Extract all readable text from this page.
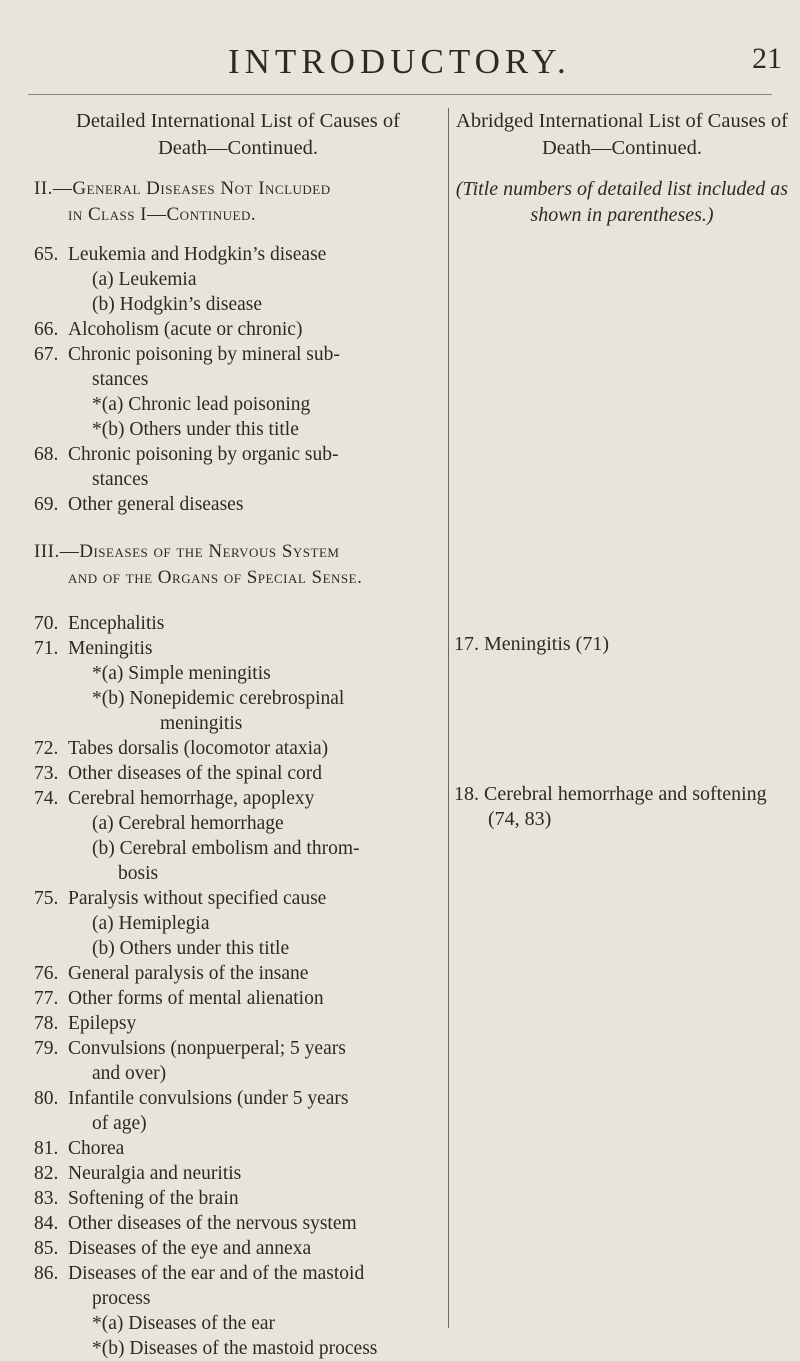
INTRODUCTORY.	21
Detailed International List of Causes of
Death—Continued.
II.—General Diseases Not Included
in Class I—Continued.
65. Leukemia and Hodgkin’s disease
(a) Leukemia
(b) Hodgkin’s disease
66. Alcoholism (acute or chronic)
67. Chronic poisoning by mineral sub-
stances
*(a) Chronic lead poisoning
*(b) Others under this title
68. Chronic poisoning by organic sub-
stances
69. Other general diseases
III.—Diseases of the Nervous System
and of the Organs of Special Sense.
70. Encephalitis
71. Meningitis
*(a) Simple meningitis
*(b) Nonepidemic cerebrospinal
meningitis
72. Tabes dorsalis (locomotor ataxia)
73. Other diseases of the spinal cord
74. Cerebral hemorrhage, apoplexy
(a) Cerebral hemorrhage
(b) Cerebral embolism and throm-
bosis
75. Paralysis without specified cause
(a) Hemiplegia
(b) Others under this title
76. General paralysis of the insane
77. Other forms of mental alienation
78. Epilepsy
79. Convulsions (nonpuerperal; 5 years
and over)
80. Infantile convulsions (under 5 years
of age)
81. Chorea
82. Neuralgia and neuritis
83. Softening of the brain
84. Other diseases of the nervous system
85. Diseases of the eye and annexa
86. Diseases of the ear and of the mastoid
process
*(a) Diseases of the ear
*(b) Diseases of the mastoid process
Abridged International List of Causes of
Death—Continued.

(Title numbers of detailed list included as
shown in parentheses.)

17. Meningitis (71)
18. Cerebral hemorrhage and softening
(74, 83)
